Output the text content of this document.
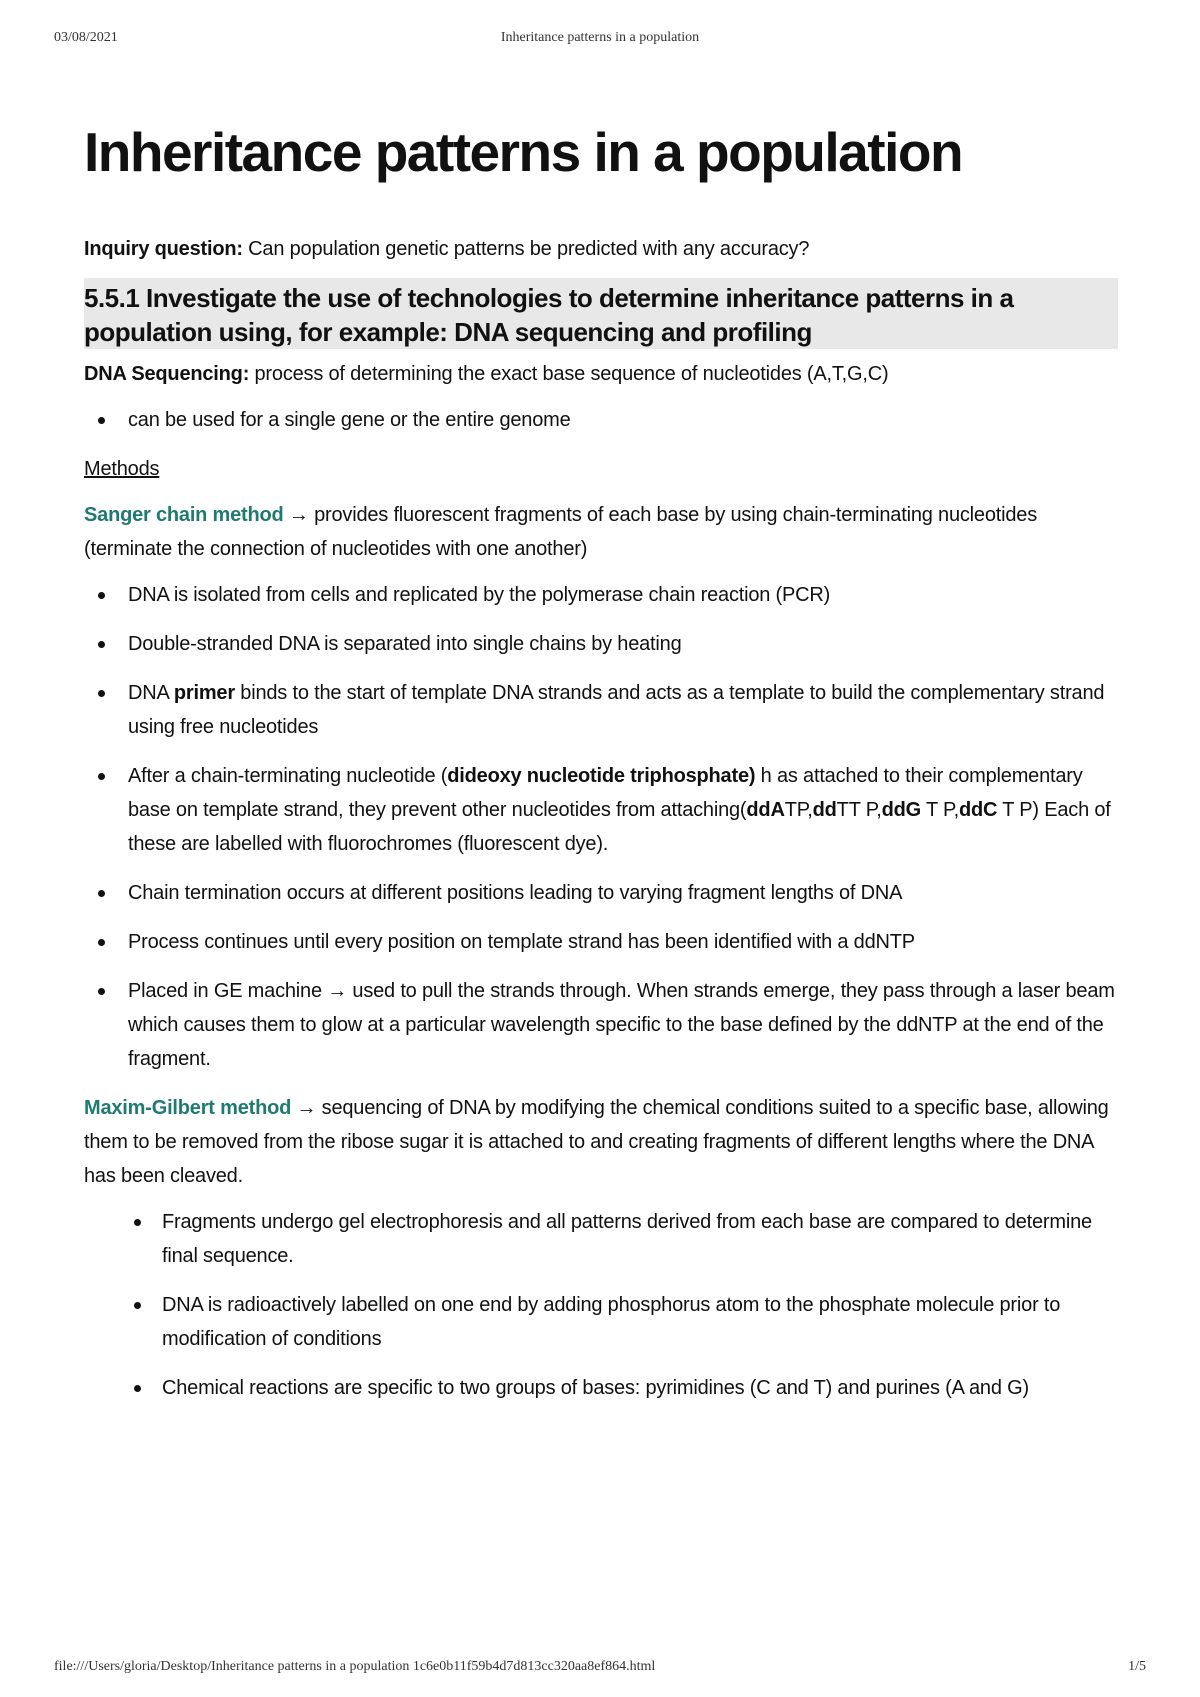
03/08/2021	Inheritance patterns in a population
Inheritance patterns in a population

Inquiry question: Can population genetic patterns be predicted with any accuracy?

5.5.1 Investigate the use of technologies to determine inheritance patterns in a population using, for example: DNA sequencing and profiling

DNA Sequencing: process of determining the exact base sequence of nucleotides (A,T,G,C)

can be used for a single gene or the entire genome

Methods

Sanger chain method → provides fluorescent fragments of each base by using chain-terminating nucleotides (terminate the connection of nucleotides with one another)

DNA is isolated from cells and replicated by the polymerase chain reaction (PCR)
Double-stranded DNA is separated into single chains by heating
DNA primer binds to the start of template DNA strands and acts as a template to build the complementary strand using free nucleotides
After a chain-terminating nucleotide (dideoxy nucleotide triphosphate) h as attached to their complementary base on template strand, they prevent other nucleotides from attaching(ddATP,ddTT P,ddG T P,ddC T P) Each of these are labelled with fluorochromes (fluorescent dye).
Chain termination occurs at different positions leading to varying fragment lengths of DNA
Process continues until every position on template strand has been identified with a ddNTP
Placed in GE machine → used to pull the strands through. When strands emerge, they pass through a laser beam which causes them to glow at a particular wavelength specific to the base defined by the ddNTP at the end of the fragment.

Maxim-Gilbert method → sequencing of DNA by modifying the chemical conditions suited to a specific base, allowing them to be removed from the ribose sugar it is attached to and creating fragments of different lengths where the DNA has been cleaved.

Fragments undergo gel electrophoresis and all patterns derived from each base are compared to determine final sequence.
DNA is radioactively labelled on one end by adding phosphorus atom to the phosphate molecule prior to modification of conditions
Chemical reactions are specific to two groups of bases: pyrimidines (C and T) and purines (A and G)
file:///Users/gloria/Desktop/Inheritance patterns in a population 1c6e0b11f59b4d7d813cc320aa8ef864.html	1/5
